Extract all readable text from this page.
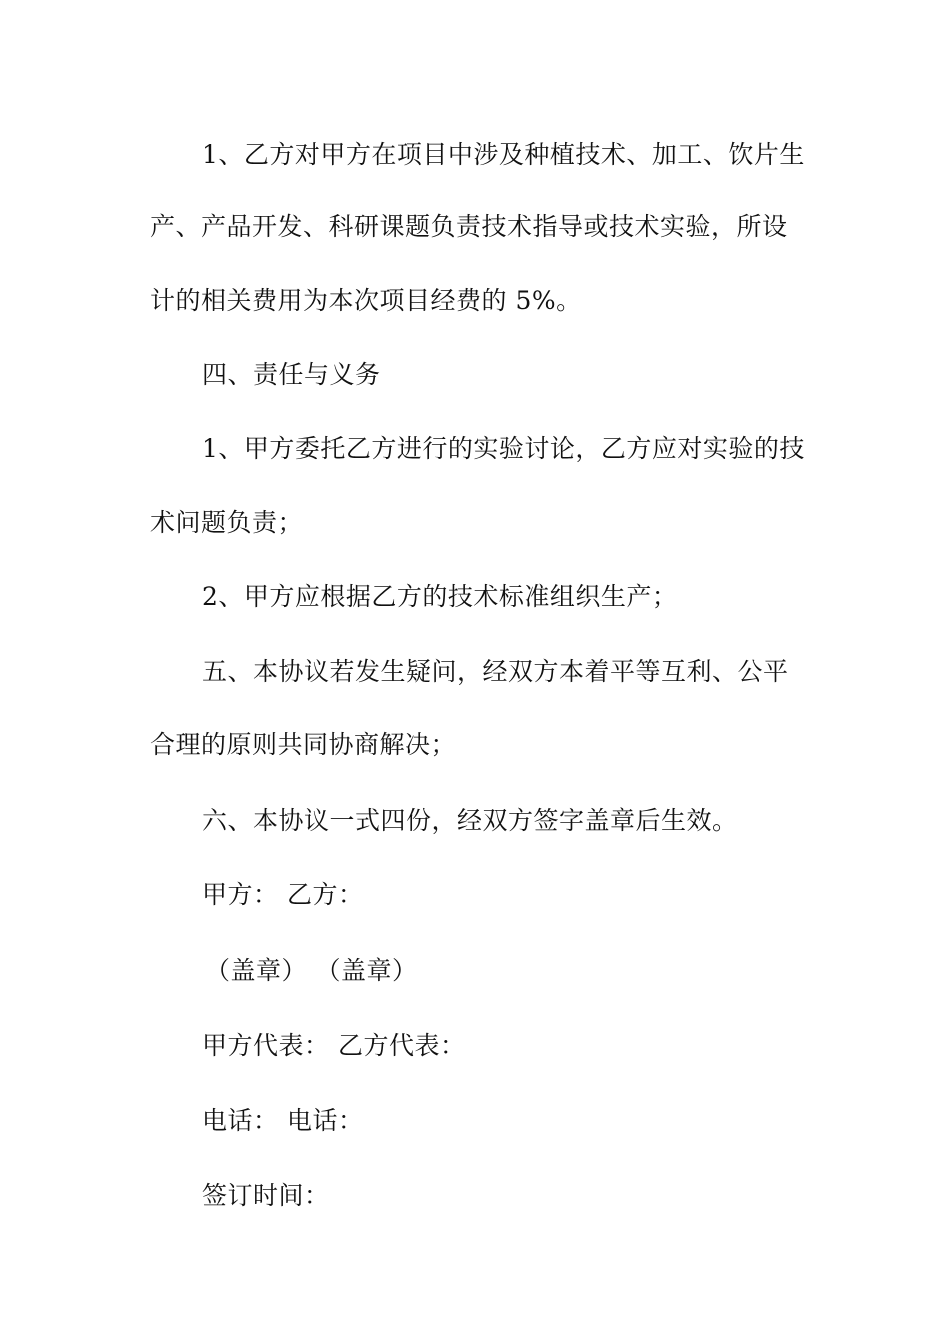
1、乙方对甲方在项目中涉及种植技术、加工、饮片生
产、产品开发、科研课题负责技术指导或技术实验，所设
计的相关费用为本次项目经费的 5%。
四、责任与义务
1、甲方委托乙方进行的实验讨论，乙方应对实验的技
术问题负责；
2、甲方应根据乙方的技术标准组织生产；
五、本协议若发生疑问，经双方本着平等互利、公平
合理的原则共同协商解决；
六、本协议一式四份，经双方签字盖章后生效。
甲方： 乙方：
（盖章） （盖章）
甲方代表： 乙方代表：
电话： 电话：
签订时间：
